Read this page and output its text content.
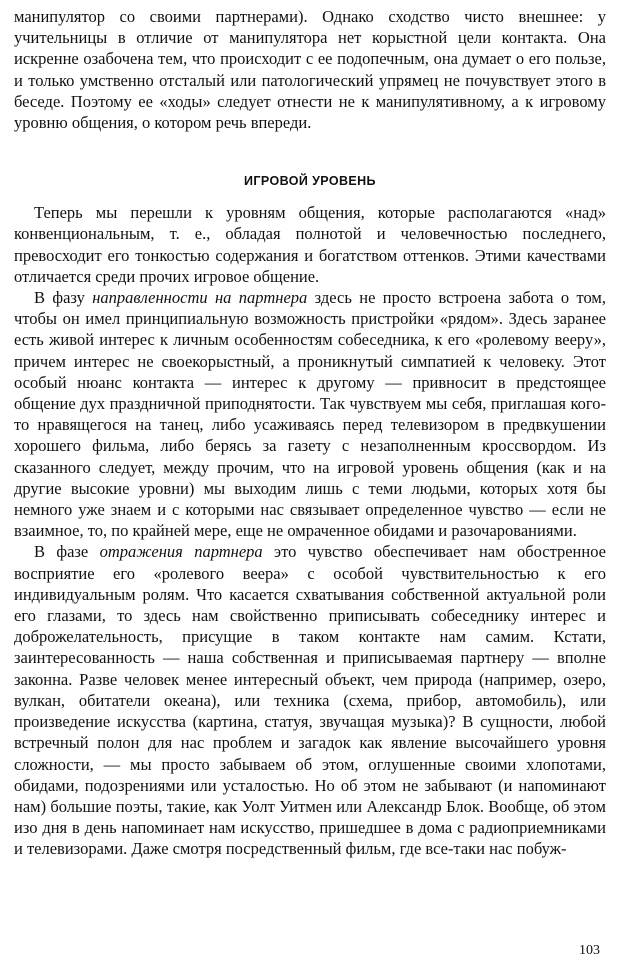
манипулятор со своими партнерами). Однако сходство чисто внешнее: у учительницы в отличие от манипулятора нет корыстной цели контакта. Она искренне озабочена тем, что происходит с ее подопечным, она думает о его пользе, и только умственно отсталый или патологический упрямец не почувствует этого в беседе. Поэтому ее «ходы» следует отнести не к манипулятивному, а к игровому уровню общения, о котором речь впереди.

ИГРОВОЙ УРОВЕНЬ

Теперь мы перешли к уровням общения, которые располагаются «над» конвенциональным, т. е., обладая полнотой и человечностью последнего, превосходит его тонкостью содержания и богатством оттенков. Этими качествами отличается среди прочих игровое общение.

В фазу направленности на партнера здесь не просто встроена забота о том, чтобы он имел принципиальную возможность пристройки «рядом». Здесь заранее есть живой интерес к личным особенностям собеседника, к его «ролевому вееру», причем интерес не своекорыстный, а проникнутый симпатией к человеку. Этот особый нюанс контакта — интерес к другому — привносит в предстоящее общение дух праздничной приподнятости. Так чувствуем мы себя, приглашая кого-то нравящегося на танец, либо усаживаясь перед телевизором в предвкушении хорошего фильма, либо берясь за газету с незаполненным кроссвордом. Из сказанного следует, между прочим, что на игровой уровень общения (как и на другие высокие уровни) мы выходим лишь с теми людьми, которых хотя бы немного уже знаем и с которыми нас связывает определенное чувство — если не взаимное, то, по крайней мере, еще не омраченное обидами и разочарованиями.

В фазе отражения партнера это чувство обеспечивает нам обостренное восприятие его «ролевого веера» с особой чувствительностью к его индивидуальным ролям. Что касается схватывания собственной актуальной роли его глазами, то здесь нам свойственно приписывать собеседнику интерес и доброжелательность, присущие в таком контакте нам самим. Кстати, заинтересованность — наша собственная и приписываемая партнеру — вполне законна. Разве человек менее интересный объект, чем природа (например, озеро, вулкан, обитатели океана), или техника (схема, прибор, автомобиль), или произведение искусства (картина, статуя, звучащая музыка)? В сущности, любой встречный полон для нас проблем и загадок как явление высочайшего уровня сложности, — мы просто забываем об этом, оглушенные своими хлопотами, обидами, подозрениями или усталостью. Но об этом не забывают (и напоминают нам) большие поэты, такие, как Уолт Уитмен или Александр Блок. Вообще, об этом изо дня в день напоминает нам искусство, пришедшее в дома с радиоприемниками и телевизорами. Даже смотря посредственный фильм, где все-таки нас побуж-

103
